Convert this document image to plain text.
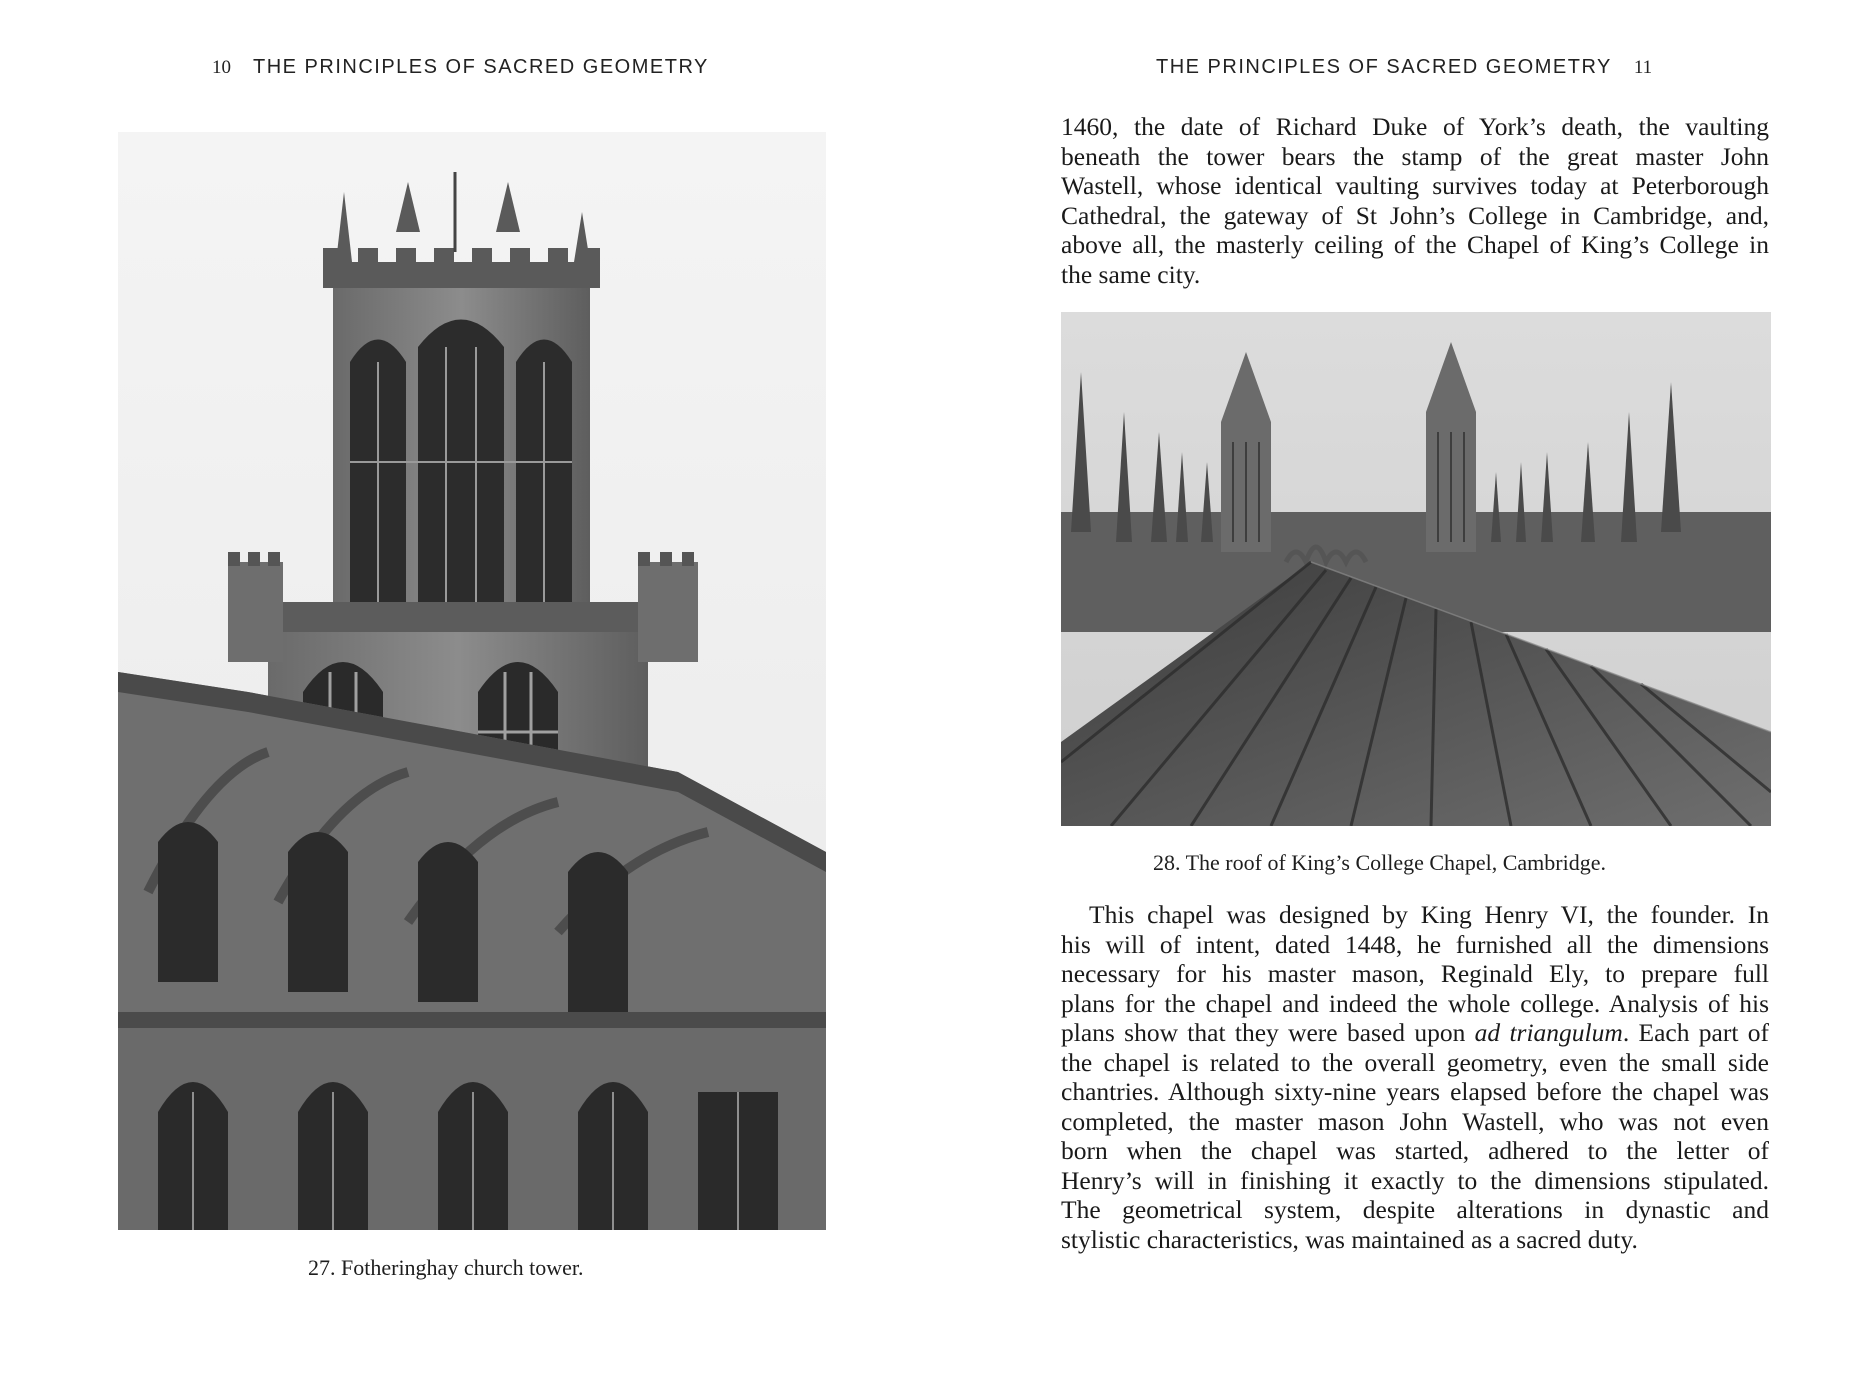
10 THE PRINCIPLES OF SACRED GEOMETRY
27. Fotheringhay church tower.
THE PRINCIPLES OF SACRED GEOMETRY 11
1460, the date of Richard Duke of York’s death, the vaulting
beneath the tower bears the stamp of the great master John
Wastell, whose identical vaulting survives today at Peterborough
Cathedral, the gateway of St John’s College in Cambridge, and,
above all, the masterly ceiling of the Chapel of King’s College in
the same city.
28. The roof of King’s College Chapel, Cambridge.
This chapel was designed by King Henry VI, the founder. In
his will of intent, dated 1448, he furnished all the dimensions
necessary for his master mason, Reginald Ely, to prepare full
plans for the chapel and indeed the whole college. Analysis of his
plans show that they were based upon ad triangulum. Each part of
the chapel is related to the overall geometry, even the small side
chantries. Although sixty-nine years elapsed before the chapel was
completed, the master mason John Wastell, who was not even
born when the chapel was started, adhered to the letter of
Henry’s will in finishing it exactly to the dimensions stipulated.
The geometrical system, despite alterations in dynastic and
stylistic characteristics, was maintained as a sacred duty.
